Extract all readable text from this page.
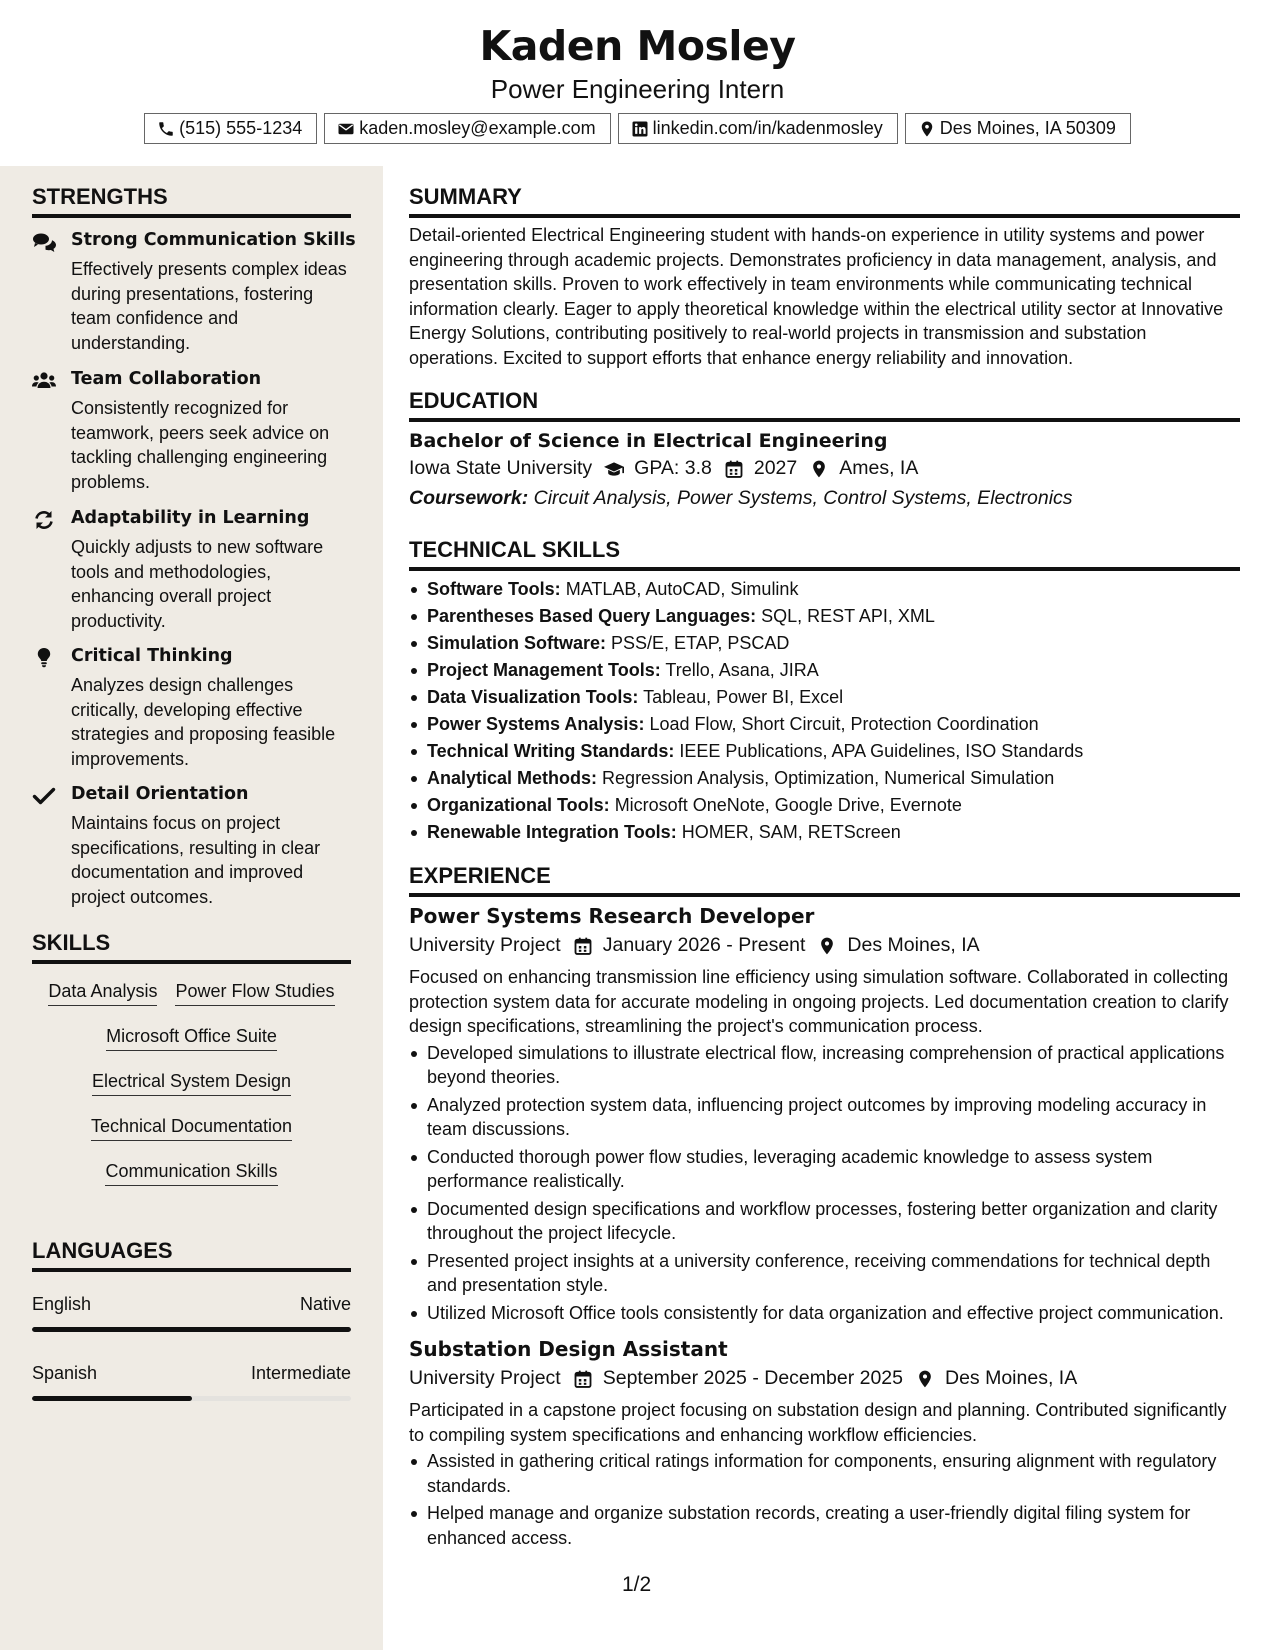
Kaden Mosley
Power Engineering Intern
(515) 555-1234	kaden.mosley@example.com	linkedin.com/in/kadenmosley	Des Moines, IA 50309
STRENGTHS
Strong Communication Skills
Effectively presents complex ideas during presentations, fostering team confidence and understanding.
Team Collaboration
Consistently recognized for teamwork, peers seek advice on tackling challenging engineering problems.
Adaptability in Learning
Quickly adjusts to new software tools and methodologies, enhancing overall project productivity.
Critical Thinking
Analyzes design challenges critically, developing effective strategies and proposing feasible improvements.
Detail Orientation
Maintains focus on project specifications, resulting in clear documentation and improved project outcomes.
SKILLS
Data Analysis Power Flow Studies
Microsoft Office Suite
Electrical System Design
Technical Documentation
Communication Skills
LANGUAGES
English	Native
Spanish	Intermediate
SUMMARY
Detail-oriented Electrical Engineering student with hands-on experience in utility systems and power engineering through academic projects. Demonstrates proficiency in data management, analysis, and presentation skills. Proven to work effectively in team environments while communicating technical information clearly. Eager to apply theoretical knowledge within the electrical utility sector at Innovative Energy Solutions, contributing positively to real-world projects in transmission and substation operations. Excited to support efforts that enhance energy reliability and innovation.
EDUCATION
Bachelor of Science in Electrical Engineering
Iowa State University GPA: 3.8 2027 Ames, IA
Coursework: Circuit Analysis, Power Systems, Control Systems, Electronics
TECHNICAL SKILLS
Software Tools: MATLAB, AutoCAD, Simulink
Parentheses Based Query Languages: SQL, REST API, XML
Simulation Software: PSS/E, ETAP, PSCAD
Project Management Tools: Trello, Asana, JIRA
Data Visualization Tools: Tableau, Power BI, Excel
Power Systems Analysis: Load Flow, Short Circuit, Protection Coordination
Technical Writing Standards: IEEE Publications, APA Guidelines, ISO Standards
Analytical Methods: Regression Analysis, Optimization, Numerical Simulation
Organizational Tools: Microsoft OneNote, Google Drive, Evernote
Renewable Integration Tools: HOMER, SAM, RETScreen
EXPERIENCE
Power Systems Research Developer
University Project January 2026 - Present Des Moines, IA
Focused on enhancing transmission line efficiency using simulation software. Collaborated in collecting protection system data for accurate modeling in ongoing projects. Led documentation creation to clarify design specifications, streamlining the project's communication process.
Developed simulations to illustrate electrical flow, increasing comprehension of practical applications beyond theories.
Analyzed protection system data, influencing project outcomes by improving modeling accuracy in team discussions.
Conducted thorough power flow studies, leveraging academic knowledge to assess system performance realistically.
Documented design specifications and workflow processes, fostering better organization and clarity throughout the project lifecycle.
Presented project insights at a university conference, receiving commendations for technical depth and presentation style.
Utilized Microsoft Office tools consistently for data organization and effective project communication.
Substation Design Assistant
University Project September 2025 - December 2025 Des Moines, IA
Participated in a capstone project focusing on substation design and planning. Contributed significantly to compiling system specifications and enhancing workflow efficiencies.
Assisted in gathering critical ratings information for components, ensuring alignment with regulatory standards.
Helped manage and organize substation records, creating a user-friendly digital filing system for enhanced access.
1/2
